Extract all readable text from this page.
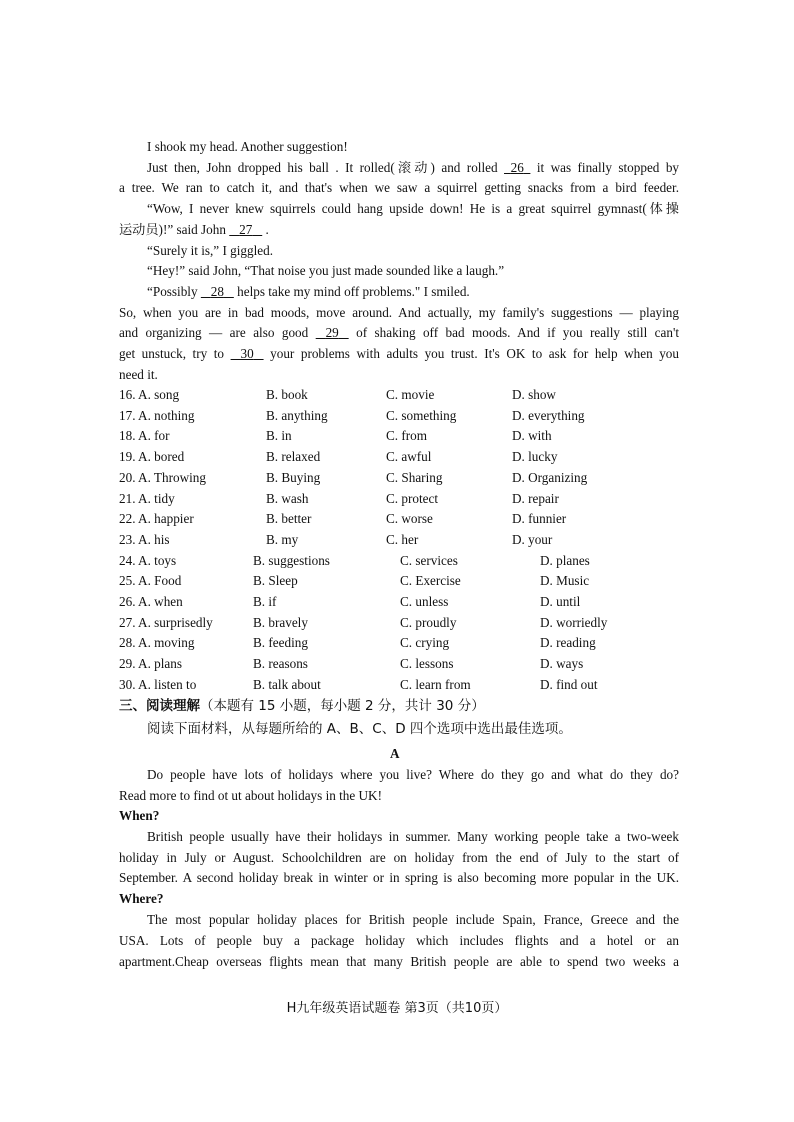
I shook my head. Another suggestion!
Just then, John dropped his ball . It rolled(滚动) and rolled 26 it was finally stopped by
a tree. We ran to catch it, and that's when we saw a squirrel getting snacks from a bird feeder.
“Wow, I never knew squirrels could hang upside down! He is a great squirrel gymnast(体操
运动员)!” said John 27 .
“Surely it is,” I giggled.
“Hey!” said John, “That noise you just made sounded like a laugh.”
“Possibly 28 helps take my mind off problems." I smiled.
So, when you are in bad moods, move around. And actually, my family's suggestions — playing
and organizing — are also good 29 of shaking off bad moods. And if you really still can't
get unstuck, try to 30 your problems with adults you trust. It's OK to ask for help when you
need it.
16. A. song	B. book	C. movie	D. show
17. A. nothing	B. anything	C. something	D. everything
18. A. for	B. in	C. from	D. with
19. A. bored	B. relaxed	C. awful	D. lucky
20. A. Throwing	B. Buying	C. Sharing	D. Organizing
21. A. tidy	B. wash	C. protect	D. repair
22. A. happier	B. better	C. worse	D. funnier
23. A. his	B. my	C. her	D. your
24. A. toys	B. suggestions	C. services	D. planes
25. A. Food	B. Sleep	C. Exercise	D. Music
26. A. when	B. if	C. unless	D. until
27. A. surprisedly	B. bravely	C. proudly	D. worriedly
28. A. moving	B. feeding	C. crying	D. reading
29. A. plans	B. reasons	C. lessons	D. ways
30. A. listen to	B. talk about	C. learn from	D. find out
三、阅读理解（本题有 15 小题，每小题 2 分，共计 30 分）
阅读下面材料，从每题所给的 A、B、C、D 四个选项中选出最佳选项。
A
Do people have lots of holidays where you live? Where do they go and what do they do?
Read more to find ot ut about holidays in the UK!
When?
British people usually have their holidays in summer. Many working people take a two-week
holiday in July or August. Schoolchildren are on holiday from the end of July to the start of
September. A second holiday break in winter or in spring is also becoming more popular in the UK.
Where?
The most popular holiday places for British people include Spain, France, Greece and the
USA. Lots of people buy a package holiday which includes flights and a hotel or an
apartment.Cheap overseas flights mean that many British people are able to spend two weeks a
H九年级英语试题卷 第3页（共10页）
